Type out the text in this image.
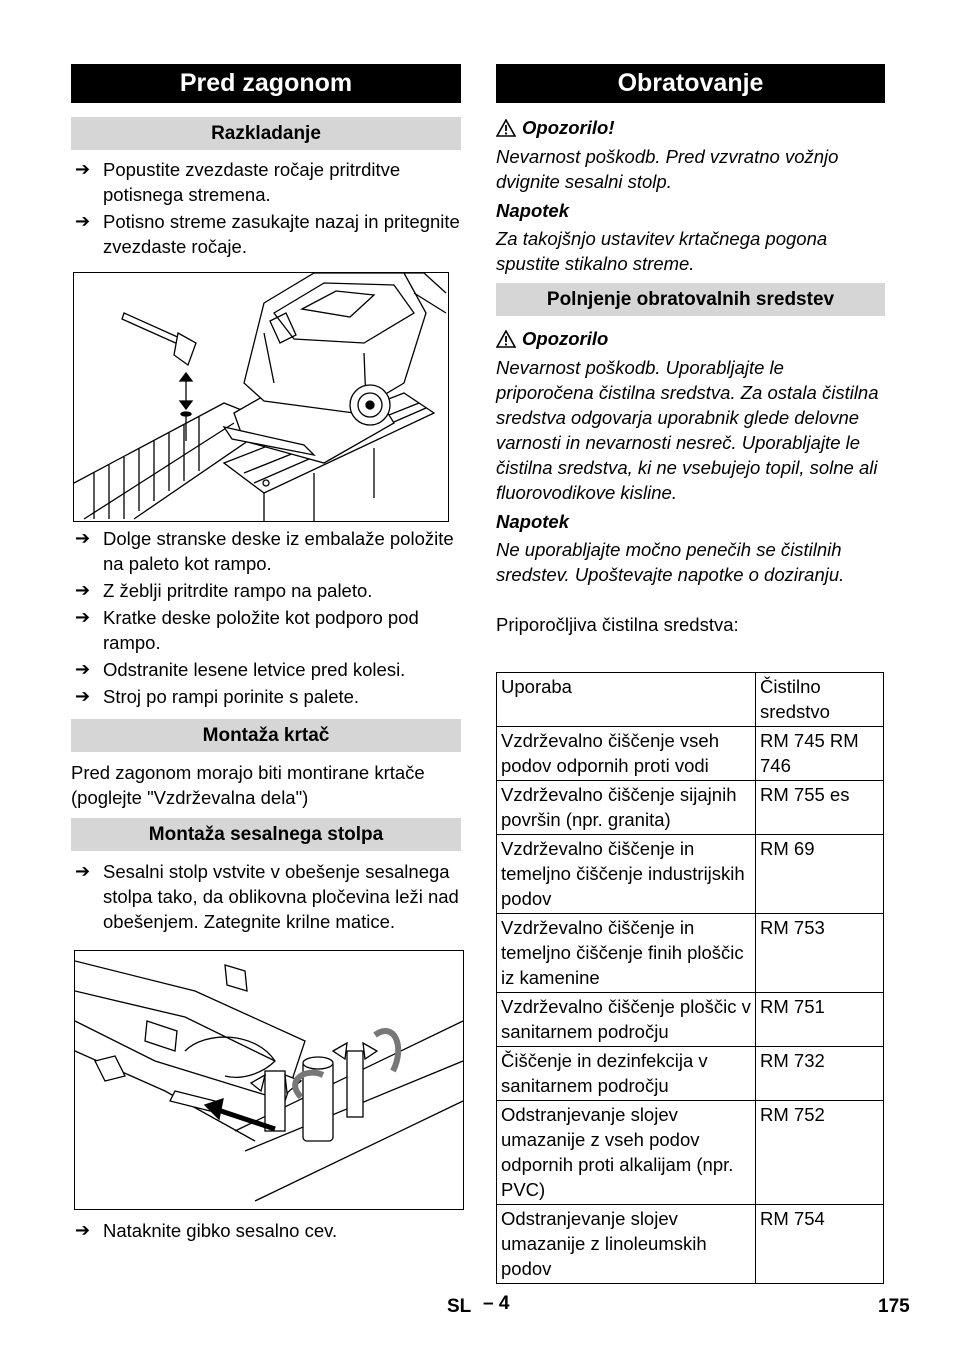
Pred zagonom
Razkladanje
➔ Popustite zvezdaste ročaje pritrditve potisnega stremena.
➔ Potisno streme zasukajte nazaj in pritegnite zvezdaste ročaje.
➔ Dolge stranske deske iz embalaže položite na paleto kot rampo.
➔ Z žeblji pritrdite rampo na paleto.
➔ Kratke deske položite kot podporo pod rampo.
➔ Odstranite lesene letvice pred kolesi.
➔ Stroj po rampi porinite s palete.
Montaža krtač
Pred zagonom morajo biti montirane krtače (poglejte "Vzdrževalna dela")
Montaža sesalnega stolpa
➔ Sesalni stolp vstvite v obešenje sesalnega stolpa tako, da oblikovna pločevina leži nad obešenjem. Zategnite krilne matice.
➔ Nataknite gibko sesalno cev.
Obratovanje
Opozorilo!
Nevarnost poškodb. Pred vzvratno vožnjo dvignite sesalni stolp.
Napotek
Za takojšnjo ustavitev krtačnega pogona spustite stikalno streme.
Polnjenje obratovalnih sredstev
Opozorilo
Nevarnost poškodb. Uporabljajte le priporočena čistilna sredstva. Za ostala čistilna sredstva odgovarja uporabnik glede delovne varnosti in nevarnosti nesreč. Uporabljajte le čistilna sredstva, ki ne vsebujejo topil, solne ali fluorovodikove kisline.
Napotek
Ne uporabljajte močno penečih se čistilnih sredstev. Upoštevajte napotke o doziranju.
Priporočljiva čistilna sredstva:
Uporaba	Čistilno sredstvo
Vzdrževalno čiščenje vseh podov odpornih proti vodi	RM 745 RM 746
Vzdrževalno čiščenje sijajnih površin (npr. granita)	RM 755 es
Vzdrževalno čiščenje in temeljno čiščenje industrijskih podov	RM 69
Vzdrževalno čiščenje in temeljno čiščenje finih ploščic iz kamenine	RM 753
Vzdrževalno čiščenje ploščic v sanitarnem področju	RM 751
Čiščenje in dezinfekcija v sanitarnem področju	RM 732
Odstranjevanje slojev umazanije z vseh podov odpornih proti alkalijam (npr. PVC)	RM 752
Odstranjevanje slojev umazanije z linoleumskih podov	RM 754
SL – 4	175
